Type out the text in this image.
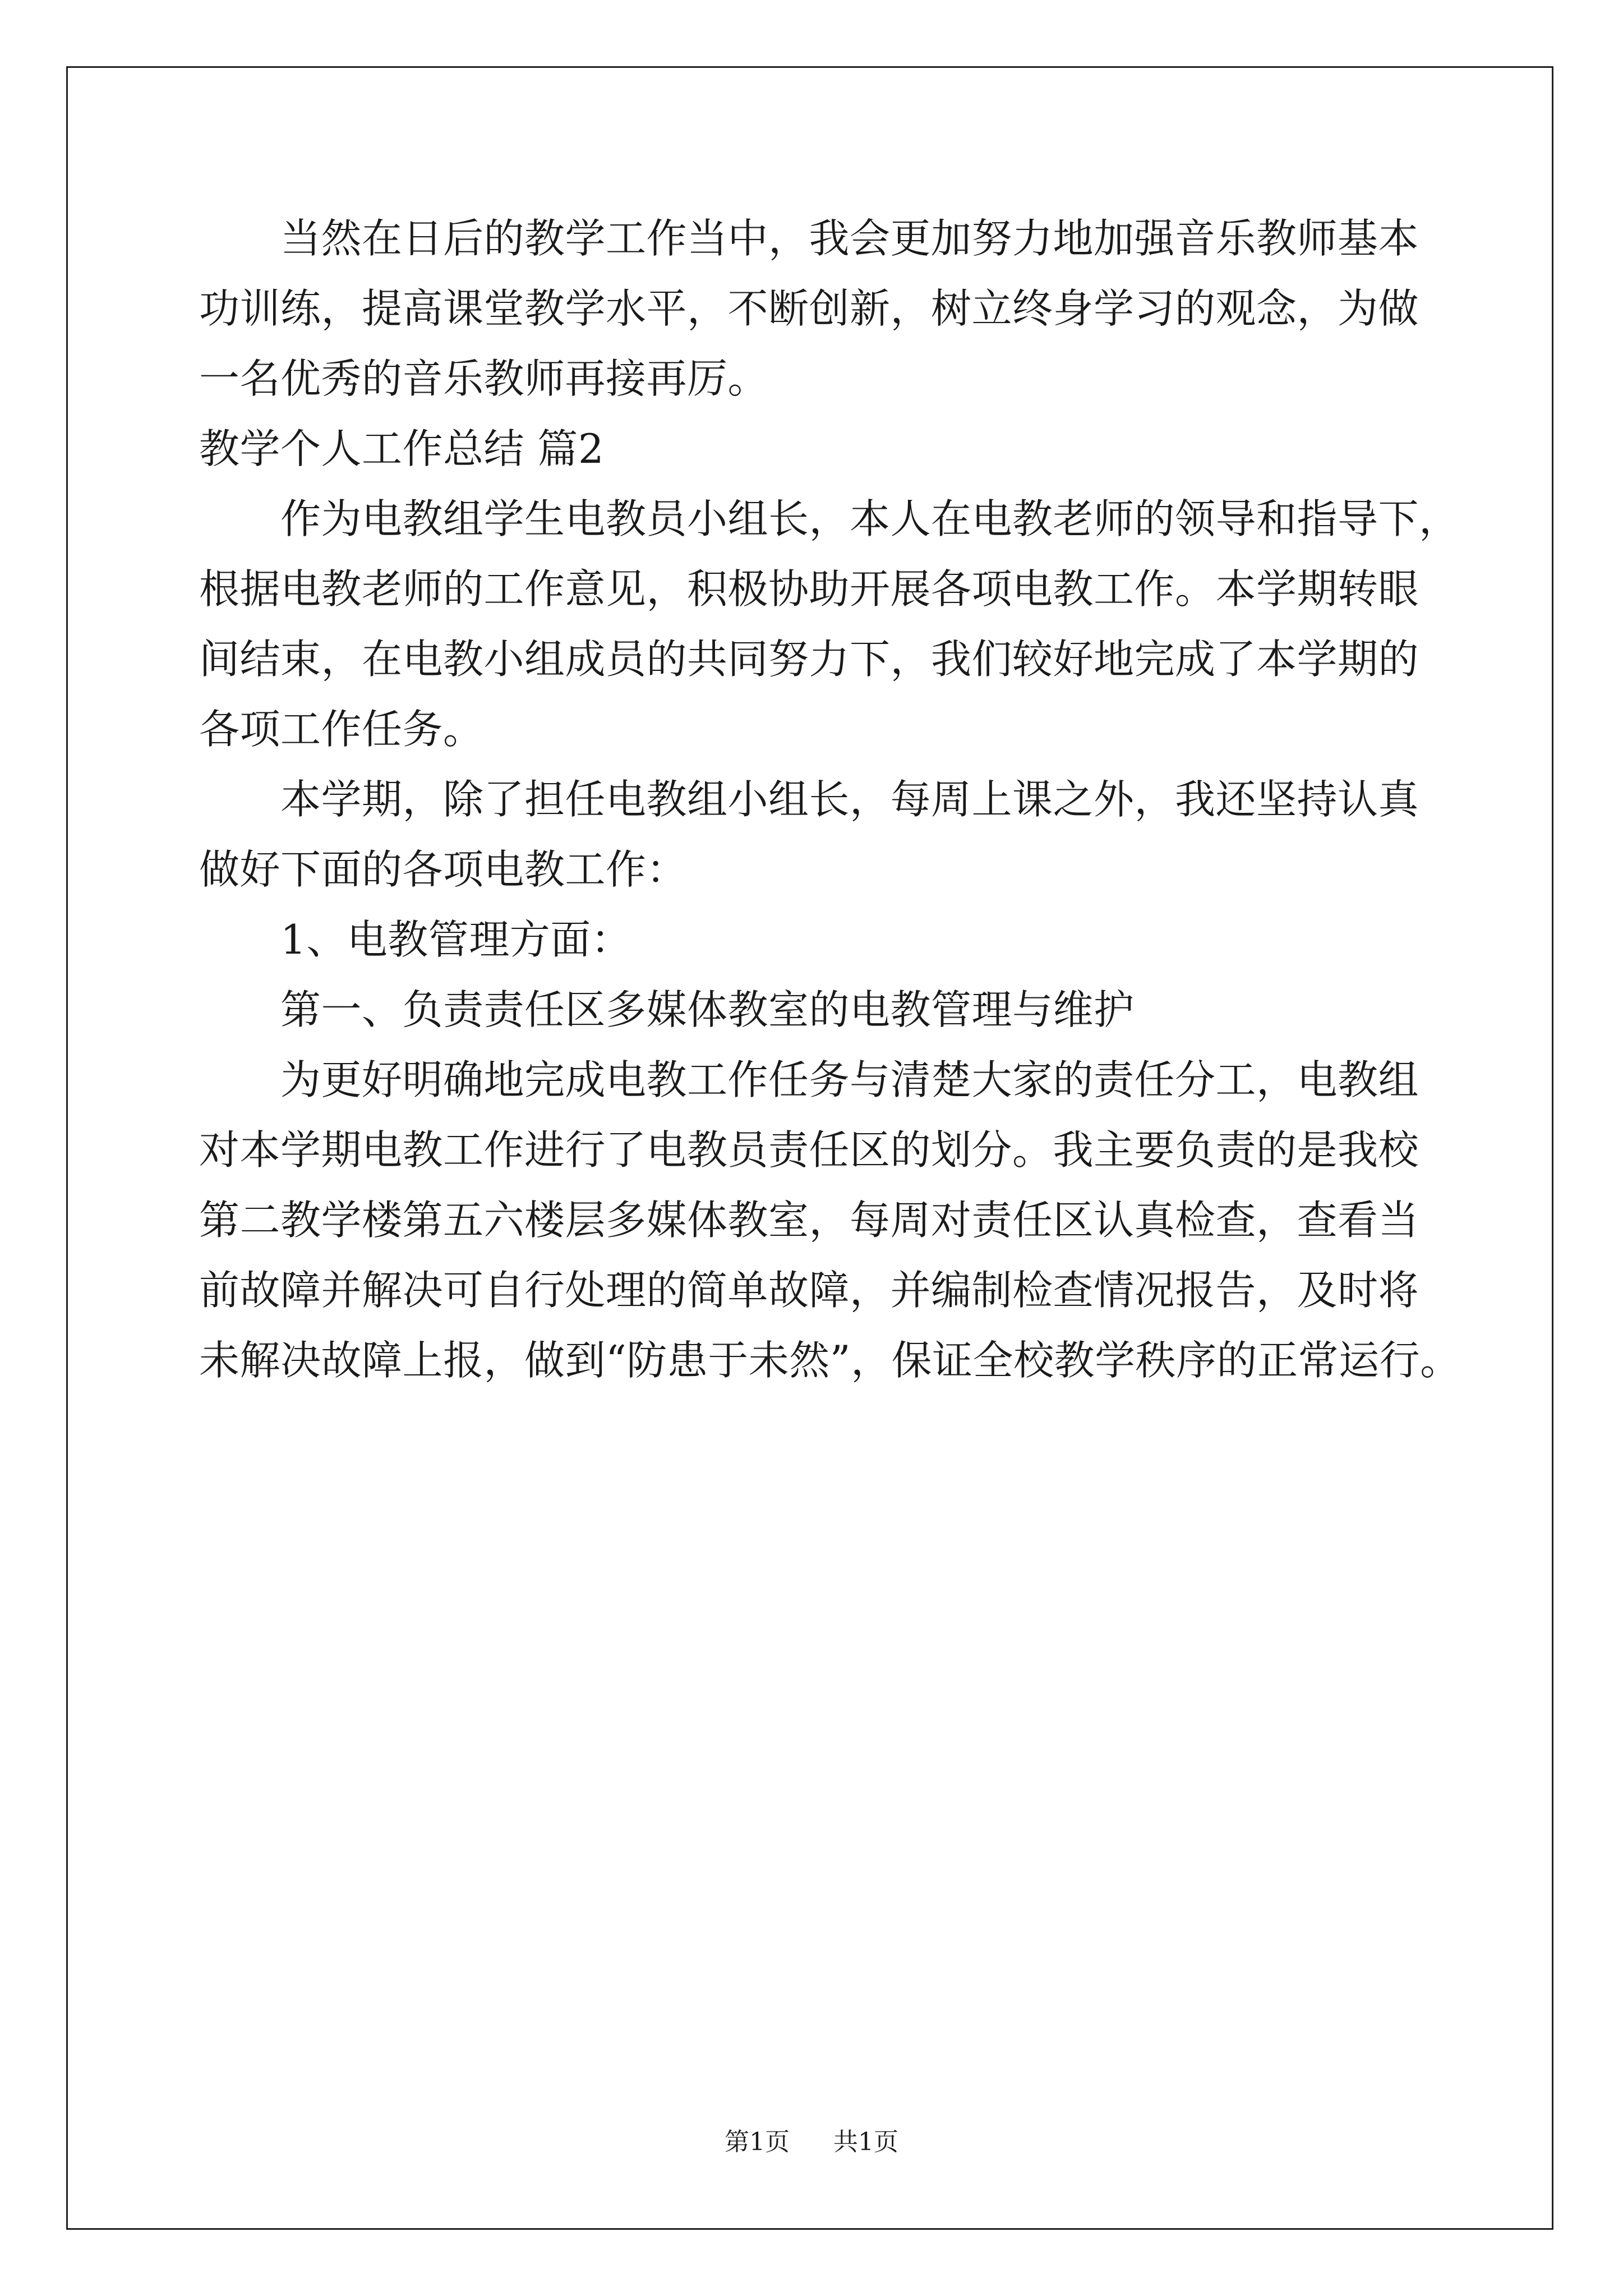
当然在日后的教学工作当中，我会更加努力地加强音乐教师基本
功训练，提高课堂教学水平，不断创新，树立终身学习的观念，为做
一名优秀的音乐教师再接再厉。
教学个人工作总结 篇2
作为电教组学生电教员小组长，本人在电教老师的领导和指导下，
根据电教老师的工作意见，积极协助开展各项电教工作。本学期转眼
间结束，在电教小组成员的共同努力下，我们较好地完成了本学期的
各项工作任务。
本学期，除了担任电教组小组长，每周上课之外，我还坚持认真
做好下面的各项电教工作：
1、电教管理方面：
第一、负责责任区多媒体教室的电教管理与维护
为更好明确地完成电教工作任务与清楚大家的责任分工，电教组
对本学期电教工作进行了电教员责任区的划分。我主要负责的是我校
第二教学楼第五六楼层多媒体教室，每周对责任区认真检查，查看当
前故障并解决可自行处理的简单故障，并编制检查情况报告，及时将
未解决故障上报，做到“防患于未然”，保证全校教学秩序的正常运行。
第1页 共1页
